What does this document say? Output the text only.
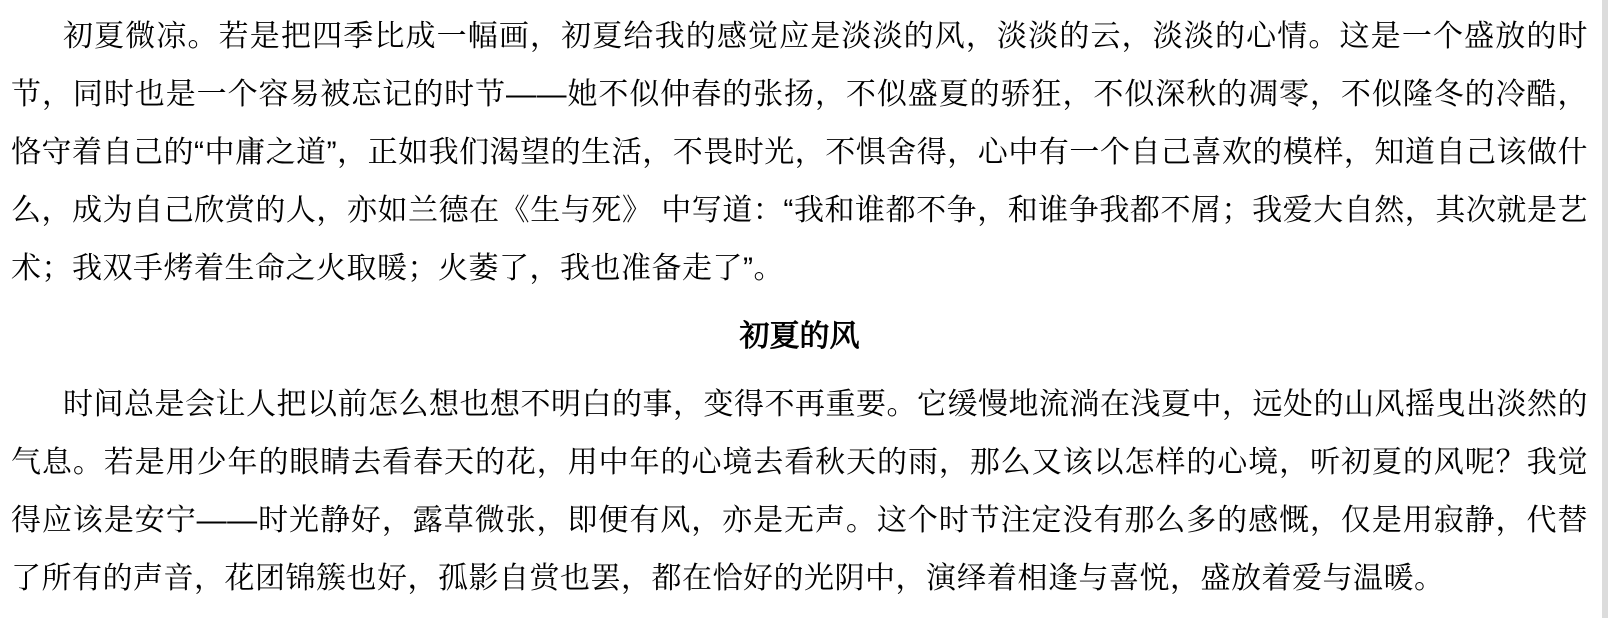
初夏微凉。若是把四季比成一幅画，初夏给我的感觉应是淡淡的风，淡淡的云，淡淡的心情。这是一个盛放的时节，同时也是一个容易被忘记的时节——她不似仲春的张扬，不似盛夏的骄狂，不似深秋的凋零，不似隆冬的冷酷，恪守着自己的“中庸之道”，正如我们渴望的生活，不畏时光，不惧舍得，心中有一个自己喜欢的模样，知道自己该做什么，成为自己欣赏的人，亦如兰德在《生与死》 中写道：“我和谁都不争，和谁争我都不屑；我爱大自然，其次就是艺术；我双手烤着生命之火取暖；火萎了，我也准备走了”。

初夏的风

时间总是会让人把以前怎么想也想不明白的事，变得不再重要。它缓慢地流淌在浅夏中，远处的山风摇曳出淡然的气息。若是用少年的眼睛去看春天的花，用中年的心境去看秋天的雨，那么又该以怎样的心境，听初夏的风呢？我觉得应该是安宁——时光静好，露草微张，即便有风，亦是无声。这个时节注定没有那么多的感慨，仅是用寂静，代替了所有的声音，花团锦簇也好，孤影自赏也罢，都在恰好的光阴中，演绎着相逢与喜悦，盛放着爱与温暖。
